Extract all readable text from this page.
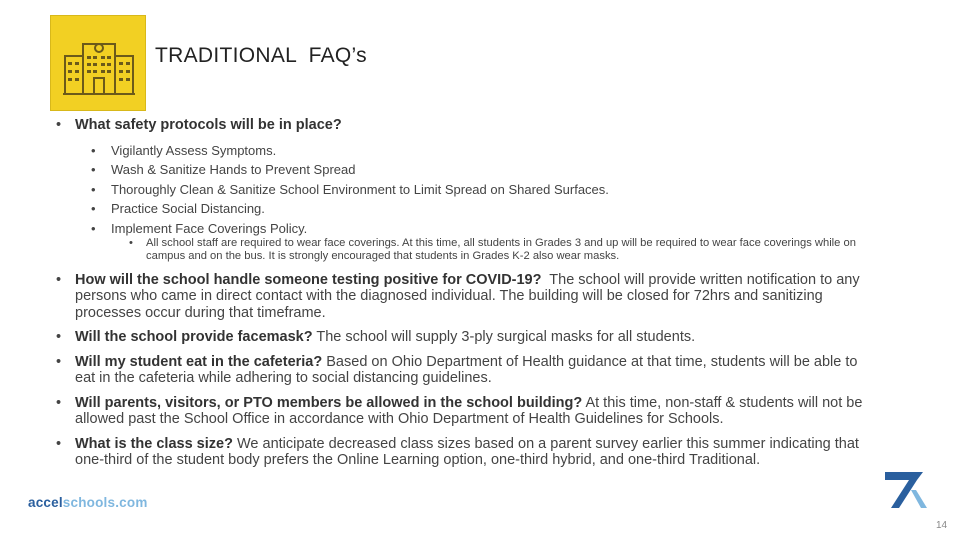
TRADITIONAL  FAQ’s
• What safety protocols will be in place?
• Vigilantly Assess Symptoms.
• Wash & Sanitize Hands to Prevent Spread
• Thoroughly Clean & Sanitize School Environment to Limit Spread on Shared Surfaces.
• Practice Social Distancing.
• Implement Face Coverings Policy.
• All school staff are required to wear face coverings. At this time, all students in Grades 3 and up will be required to wear face coverings while on campus and on the bus. It is strongly encouraged that students in Grades K-2 also wear masks.
• How will the school handle someone testing positive for COVID-19? The school will provide written notification to any persons who came in direct contact with the diagnosed individual. The building will be closed for 72hrs and sanitizing processes occur during that timeframe.
• Will the school provide facemask? The school will supply 3-ply surgical masks for all students.
• Will my student eat in the cafeteria? Based on Ohio Department of Health guidance at that time, students will be able to eat in the cafeteria while adhering to social distancing guidelines.
• Will parents, visitors, or PTO members be allowed in the school building? At this time, non-staff & students will not be allowed past the School Office in accordance with Ohio Department of Health Guidelines for Schools.
• What is the class size? We anticipate decreased class sizes based on a parent survey earlier this summer indicating that one-third of the student body prefers the Online Learning option, one-third hybrid, and one-third Traditional.
accelschools.com
14
